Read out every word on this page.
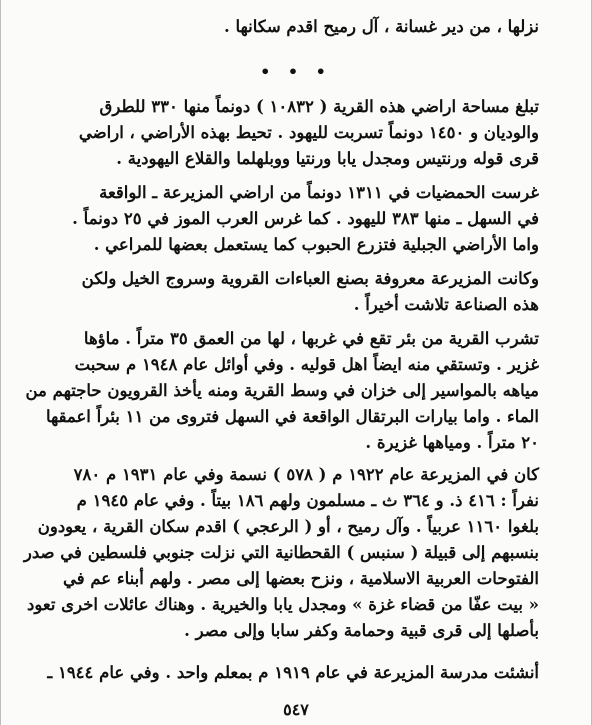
نزلها ، من دير غسانة ، آل رميح اقدم سكانها .
• • •
تبلغ مساحة اراضي هذه القرية ( ١٠٨٣٢ ) دونماً منها ٣٣٠ للطرق
والوديان و ١٤٥٠ دونماً تسربت لليهود . تحيط بهذه الأراضي ، اراضي
قرى قوله ورنتيس ومجدل يابا ورنتيا ووبلهلما والقلاع اليهودية .
غرست الحمضيات في ١٣١١ دونماً من اراضي المزيرعة ـ الواقعة
في السهل ـ منها ٣٨٣ لليهود . كما غرس العرب الموز في ٢٥ دونماً .
واما الأراضي الجبلية فتزرع الحبوب كما يستعمل بعضها للمراعي .
وكانت المزيرعة معروفة بصنع العباءات القروية وسروج الخيل ولكن
هذه الصناعة تلاشت أخيراً .
تشرب القرية من بئر تقع في غربها ، لها من العمق ٣٥ متراً . ماؤها
غزير . وتستقي منه ايضاً اهل قوليه . وفي أوائل عام ١٩٤٨ م سحبت
مياهه بالمواسير إلى خزان في وسط القرية ومنه يأخذ القرويون حاجتهم من
الماء . واما بيارات البرتقال الواقعة في السهل فتروى من ١١ بئراً اعمقها
٢٠ متراً . ومياهها غزيرة .
كان في المزيرعة عام ١٩٢٢ م ( ٥٧٨ ) نسمة وفي عام ١٩٣١ م ٧٨٠
نفراً : ٤١٦ ذ. و ٣٦٤ ث ـ مسلمون ولهم ١٨٦ بيتاً . وفي عام ١٩٤٥ م
بلغوا ١١٦٠ عربياً . وآل رميح ، أو ( الرعجي ) اقدم سكان القرية ، يعودون
بنسبهم إلى قبيلة ( سنبس ) القحطانية التي نزلت جنوبي فلسطين في صدر
الفتوحات العربية الاسلامية ، ونزح بعضها إلى مصر . ولهم أبناء عم في
« بيت عفّا من قضاء غزة » ومجدل يابا والخيرية . وهناك عائلات اخرى تعود
بأصلها إلى قرى قبية وحمامة وكفر سابا وإلى مصر .
أنشئت مدرسة المزيرعة في عام ١٩١٩ م بمعلم واحد . وفي عام ١٩٤٤ ـ
٥٤٧
